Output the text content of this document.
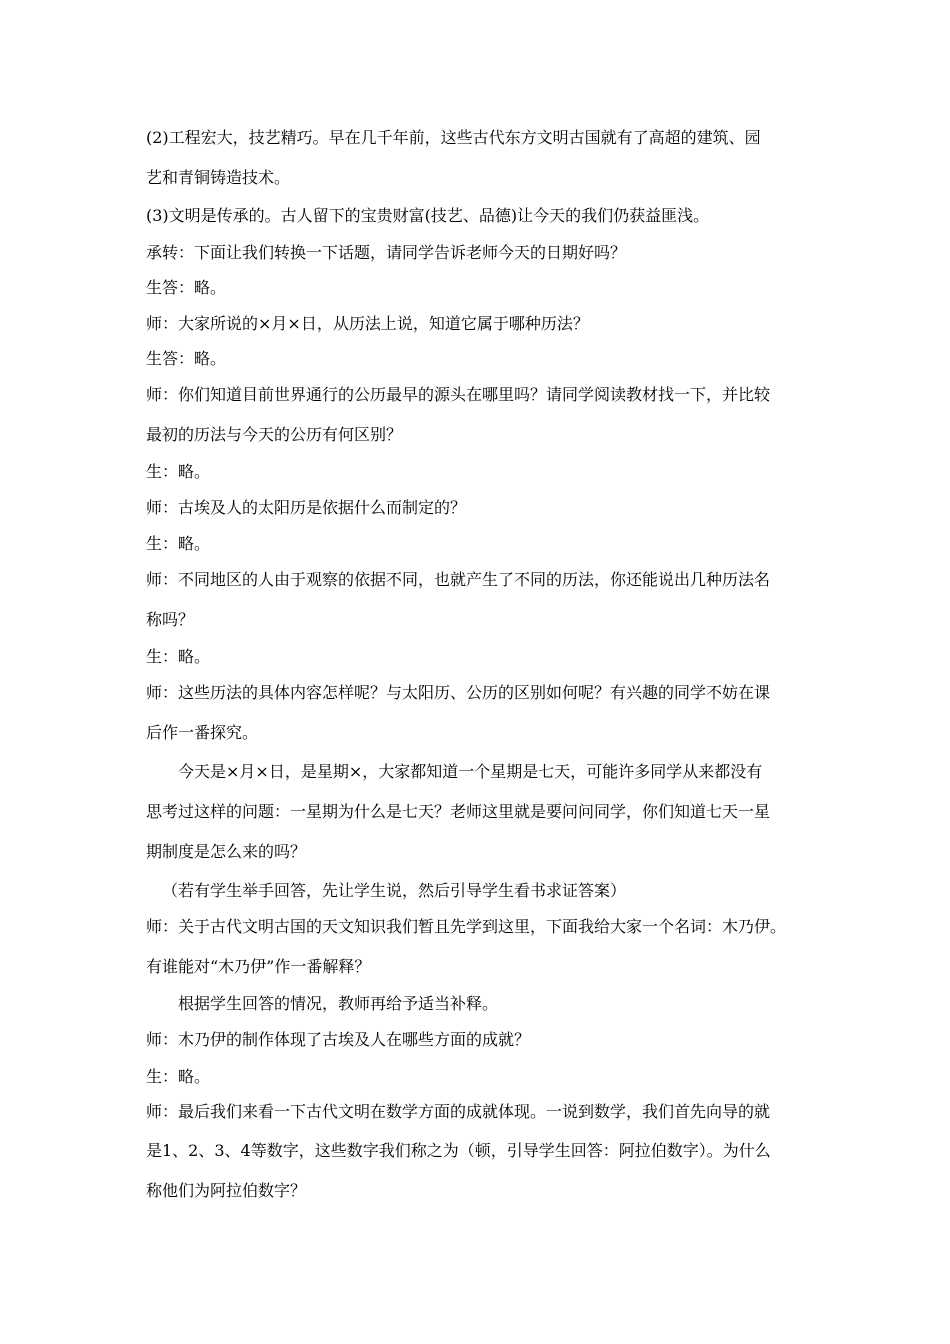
(2)工程宏大，技艺精巧。早在几千年前，这些古代东方文明古国就有了高超的建筑、园
艺和青铜铸造技术。
(3)文明是传承的。古人留下的宝贵财富(技艺、品德)让今天的我们仍获益匪浅。
承转：下面让我们转换一下话题，请同学告诉老师今天的日期好吗？
生答：略。
师：大家所说的×月×日，从历法上说，知道它属于哪种历法？
生答：略。
师：你们知道目前世界通行的公历最早的源头在哪里吗？请同学阅读教材找一下，并比较
最初的历法与今天的公历有何区别？
生：略。
师：古埃及人的太阳历是依据什么而制定的？
生：略。
师：不同地区的人由于观察的依据不同，也就产生了不同的历法，你还能说出几种历法名
称吗？
生：略。
师：这些历法的具体内容怎样呢？与太阳历、公历的区别如何呢？有兴趣的同学不妨在课
后作一番探究。
今天是×月×日，是星期×，大家都知道一个星期是七天，可能许多同学从来都没有
思考过这样的问题：一星期为什么是七天？老师这里就是要问问同学，你们知道七天一星
期制度是怎么来的吗？
（若有学生举手回答，先让学生说，然后引导学生看书求证答案）
师：关于古代文明古国的天文知识我们暂且先学到这里，下面我给大家一个名词：木乃伊。
有谁能对“木乃伊”作一番解释？
根据学生回答的情况，教师再给予适当补释。
师：木乃伊的制作体现了古埃及人在哪些方面的成就？
生：略。
师：最后我们来看一下古代文明在数学方面的成就体现。一说到数学，我们首先向导的就
是1、2、3、4等数字，这些数字我们称之为（顿，引导学生回答：阿拉伯数字）。为什么
称他们为阿拉伯数字？
